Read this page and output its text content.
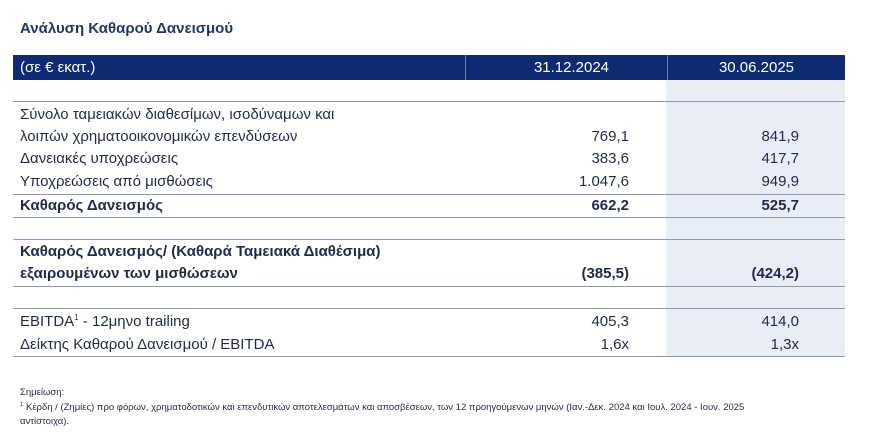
Ανάλυση Καθαρού Δανεισμού
(σε € εκατ.)	31.12.2024	30.06.2025
Σύνολο ταμειακών διαθεσίμων, ισοδύναμων και
λοιπών χρηματοοικονομικών επενδύσεων	769,1	841,9
Δανειακές υποχρεώσεις	383,6	417,7
Υποχρεώσεις από μισθώσεις	1.047,6	949,9
Καθαρός Δανεισμός	662,2	525,7
Καθαρός Δανεισμός/ (Καθαρά Ταμειακά Διαθέσιμα)
εξαιρουμένων των μισθώσεων	(385,5)	(424,2)
EBITDA$^1$ - 12μηνο trailing	405,3	414,0
Δείκτης Καθαρού Δανεισμού / EBITDA	1,6x	1,3x
Σημείωση:
$^1$ Κέρδη / (Ζημίες) προ φόρων, χρηματοδοτικών και επενδυτικών αποτελεσμάτων και αποσβέσεων, των 12 προηγούμενων μηνών (Ιαν.-Δεκ. 2024 και Ιουλ. 2024 - Ιουν. 2025
αντίστοιχα).
